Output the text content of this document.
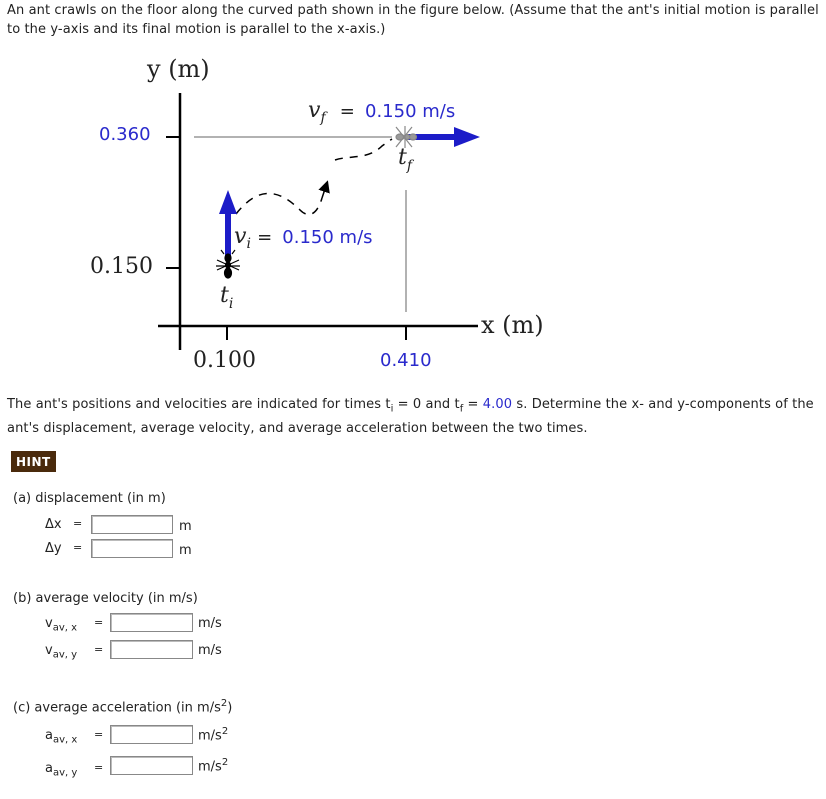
An ant crawls on the floor along the curved path shown in the figure below. (Assume that the ant's initial motion is parallel
to the y-axis and its final motion is parallel to the x-axis.)
y (m)
x (m)
0.360
0.150
0.100	0.410
vf = 0.150 m/s
tf
vi = 0.150 m/s
ti
The ant's positions and velocities are indicated for times $t_i = 0$ and $t_f = 4.00$ s. Determine the x- and y-components of the
ant's displacement, average velocity, and average acceleration between the two times.
HINT
(a) displacement (in m)
Δx =	m
Δy =	m
(b) average velocity (in m/s)
$v_{av, x}$ =	m/s
$v_{av, y}$ =	m/s
(c) average acceleration (in $m/s^2$)
$a_{av, x}$ =	$m/s^2$
$a_{av, y}$ =	$m/s^2$
